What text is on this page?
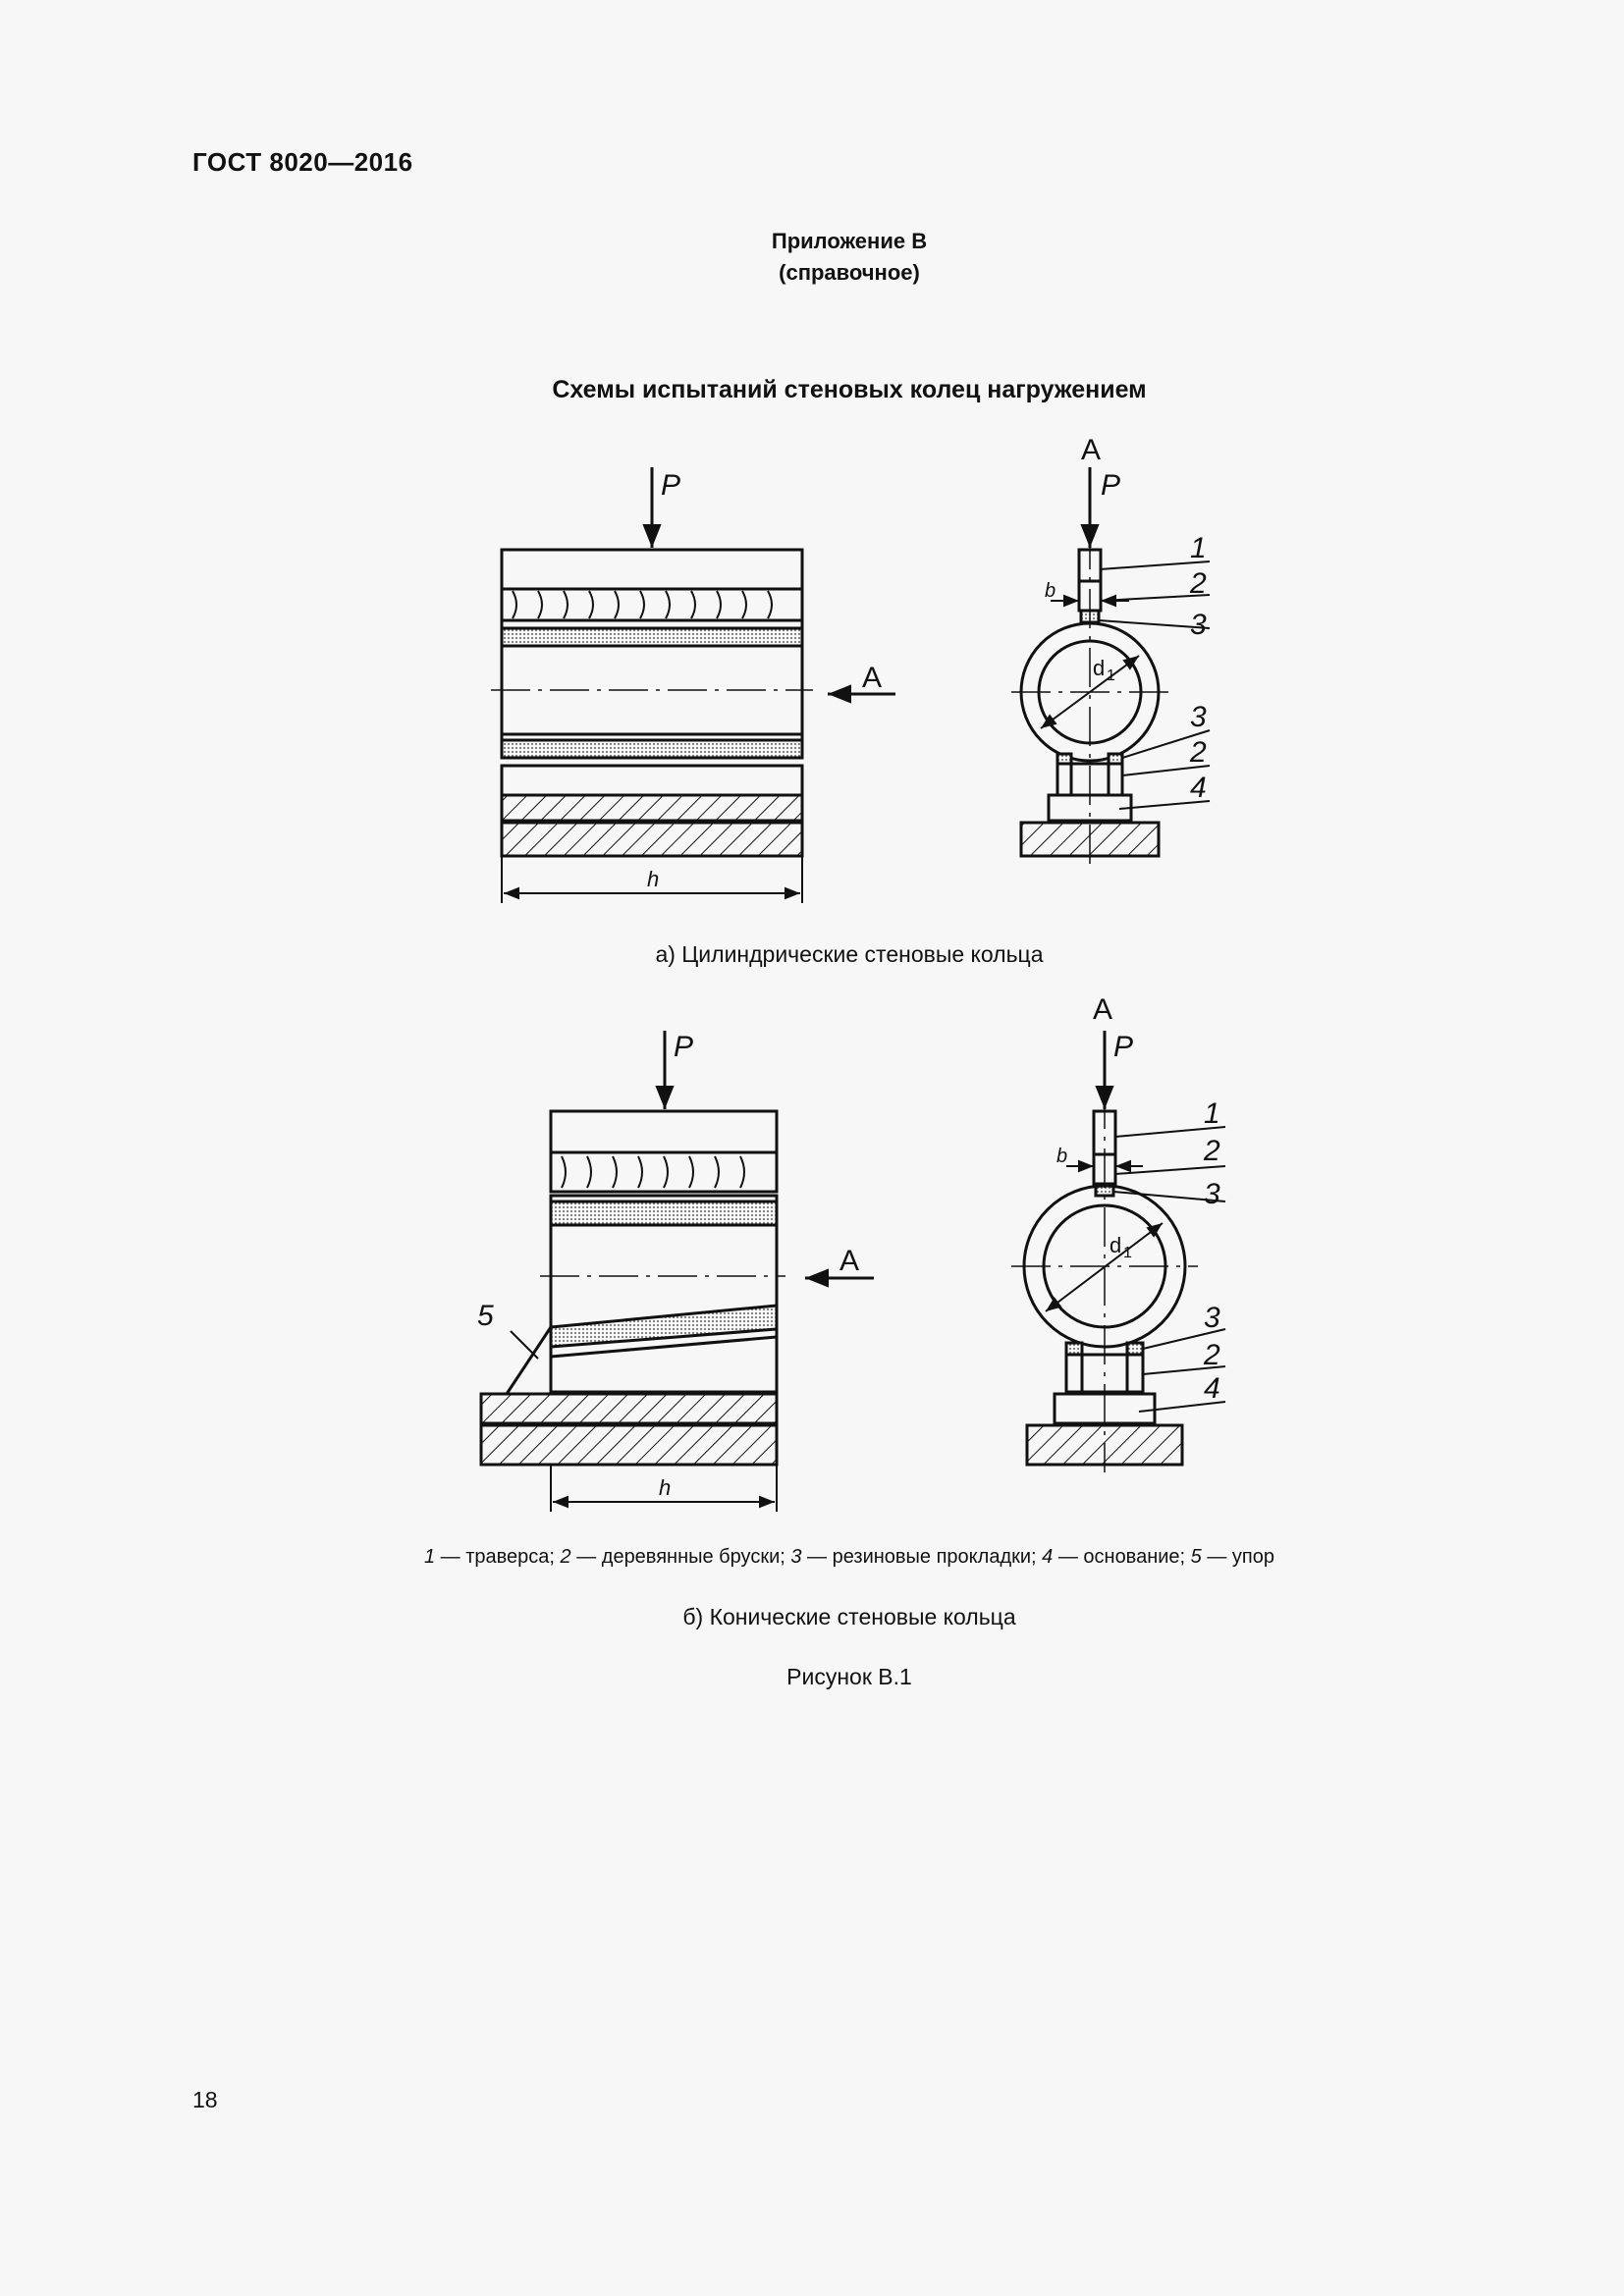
ГОСТ 8020—2016
Приложение В
(справочное)
Схемы испытаний стеновых колец нагружением
P
A
h
A
P
b
d 1
1
2
3
3
2
4
P
A
5
h
A
P
b
d 1
1
2
3
3
2
4
а) Цилиндрические стеновые кольца
1 — траверса; 2 — деревянные бруски; 3 — резиновые прокладки; 4 — основание; 5 — упор
б) Конические стеновые кольца
Рисунок В.1
18
